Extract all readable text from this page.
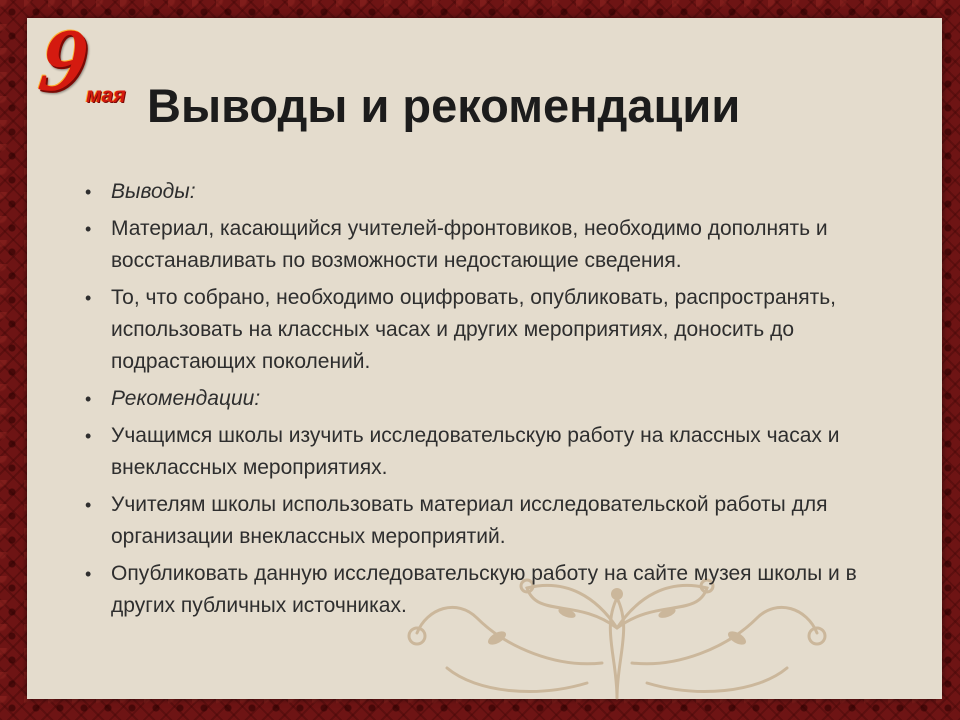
9
мая Выводы и рекомендации
• Выводы:
• Материал, касающийся учителей-фронтовиков, необходимо дополнять и восстанавливать по возможности недостающие сведения.
• То, что собрано, необходимо оцифровать, опубликовать, распространять, использовать на классных часах и других мероприятиях, доносить до подрастающих поколений.
• Рекомендации:
• Учащимся школы изучить исследовательскую работу на классных часах и внеклассных мероприятиях.
• Учителям школы использовать материал исследовательской работы для организации внеклассных мероприятий.
• Опубликовать данную исследовательскую работу на сайте музея школы и в других публичных источниках.
